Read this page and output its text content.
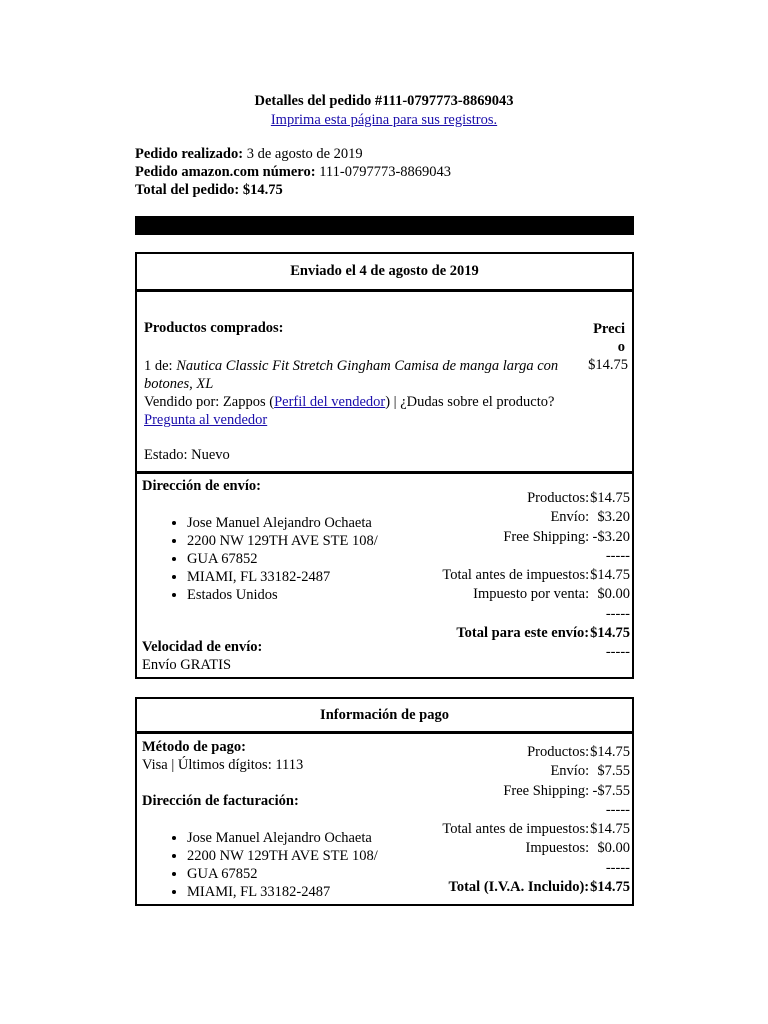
Detalles del pedido #111-0797773-8869043
Imprima esta página para sus registros.
Pedido realizado: 3 de agosto de 2019
Pedido amazon.com número: 111-0797773-8869043
Total del pedido: $14.75
Enviado el 4 de agosto de 2019
Productos comprados:	Preci
o
1 de: Nautica Classic Fit Stretch Gingham Camisa de manga larga con botones, XL
Vendido por: Zappos (Perfil del vendedor) | ¿Dudas sobre el producto?
Pregunta al vendedor
$14.75
Estado: Nuevo
Dirección de envío:
• Jose Manuel Alejandro Ochaeta
• 2200 NW 129TH AVE STE 108/
• GUA 67852
• MIAMI, FL 33182-2487
• Estados Unidos
Velocidad de envío:
Envío GRATIS
Productos:	$14.75
Envío:	$3.20
Free Shipping:	-$3.20
	-----
Total antes de impuestos:	$14.75
Impuesto por venta:	$0.00
	-----
Total para este envío:	$14.75
	-----
Información de pago
Método de pago:
Visa | Últimos dígitos: 1113
Dirección de facturación:
• Jose Manuel Alejandro Ochaeta
• 2200 NW 129TH AVE STE 108/
• GUA 67852
• MIAMI, FL 33182-2487
Productos:	$14.75
Envío:	$7.55
Free Shipping:	-$7.55
	-----
Total antes de impuestos:	$14.75
Impuestos:	$0.00
	-----
Total (I.V.A. Incluido):	$14.75
